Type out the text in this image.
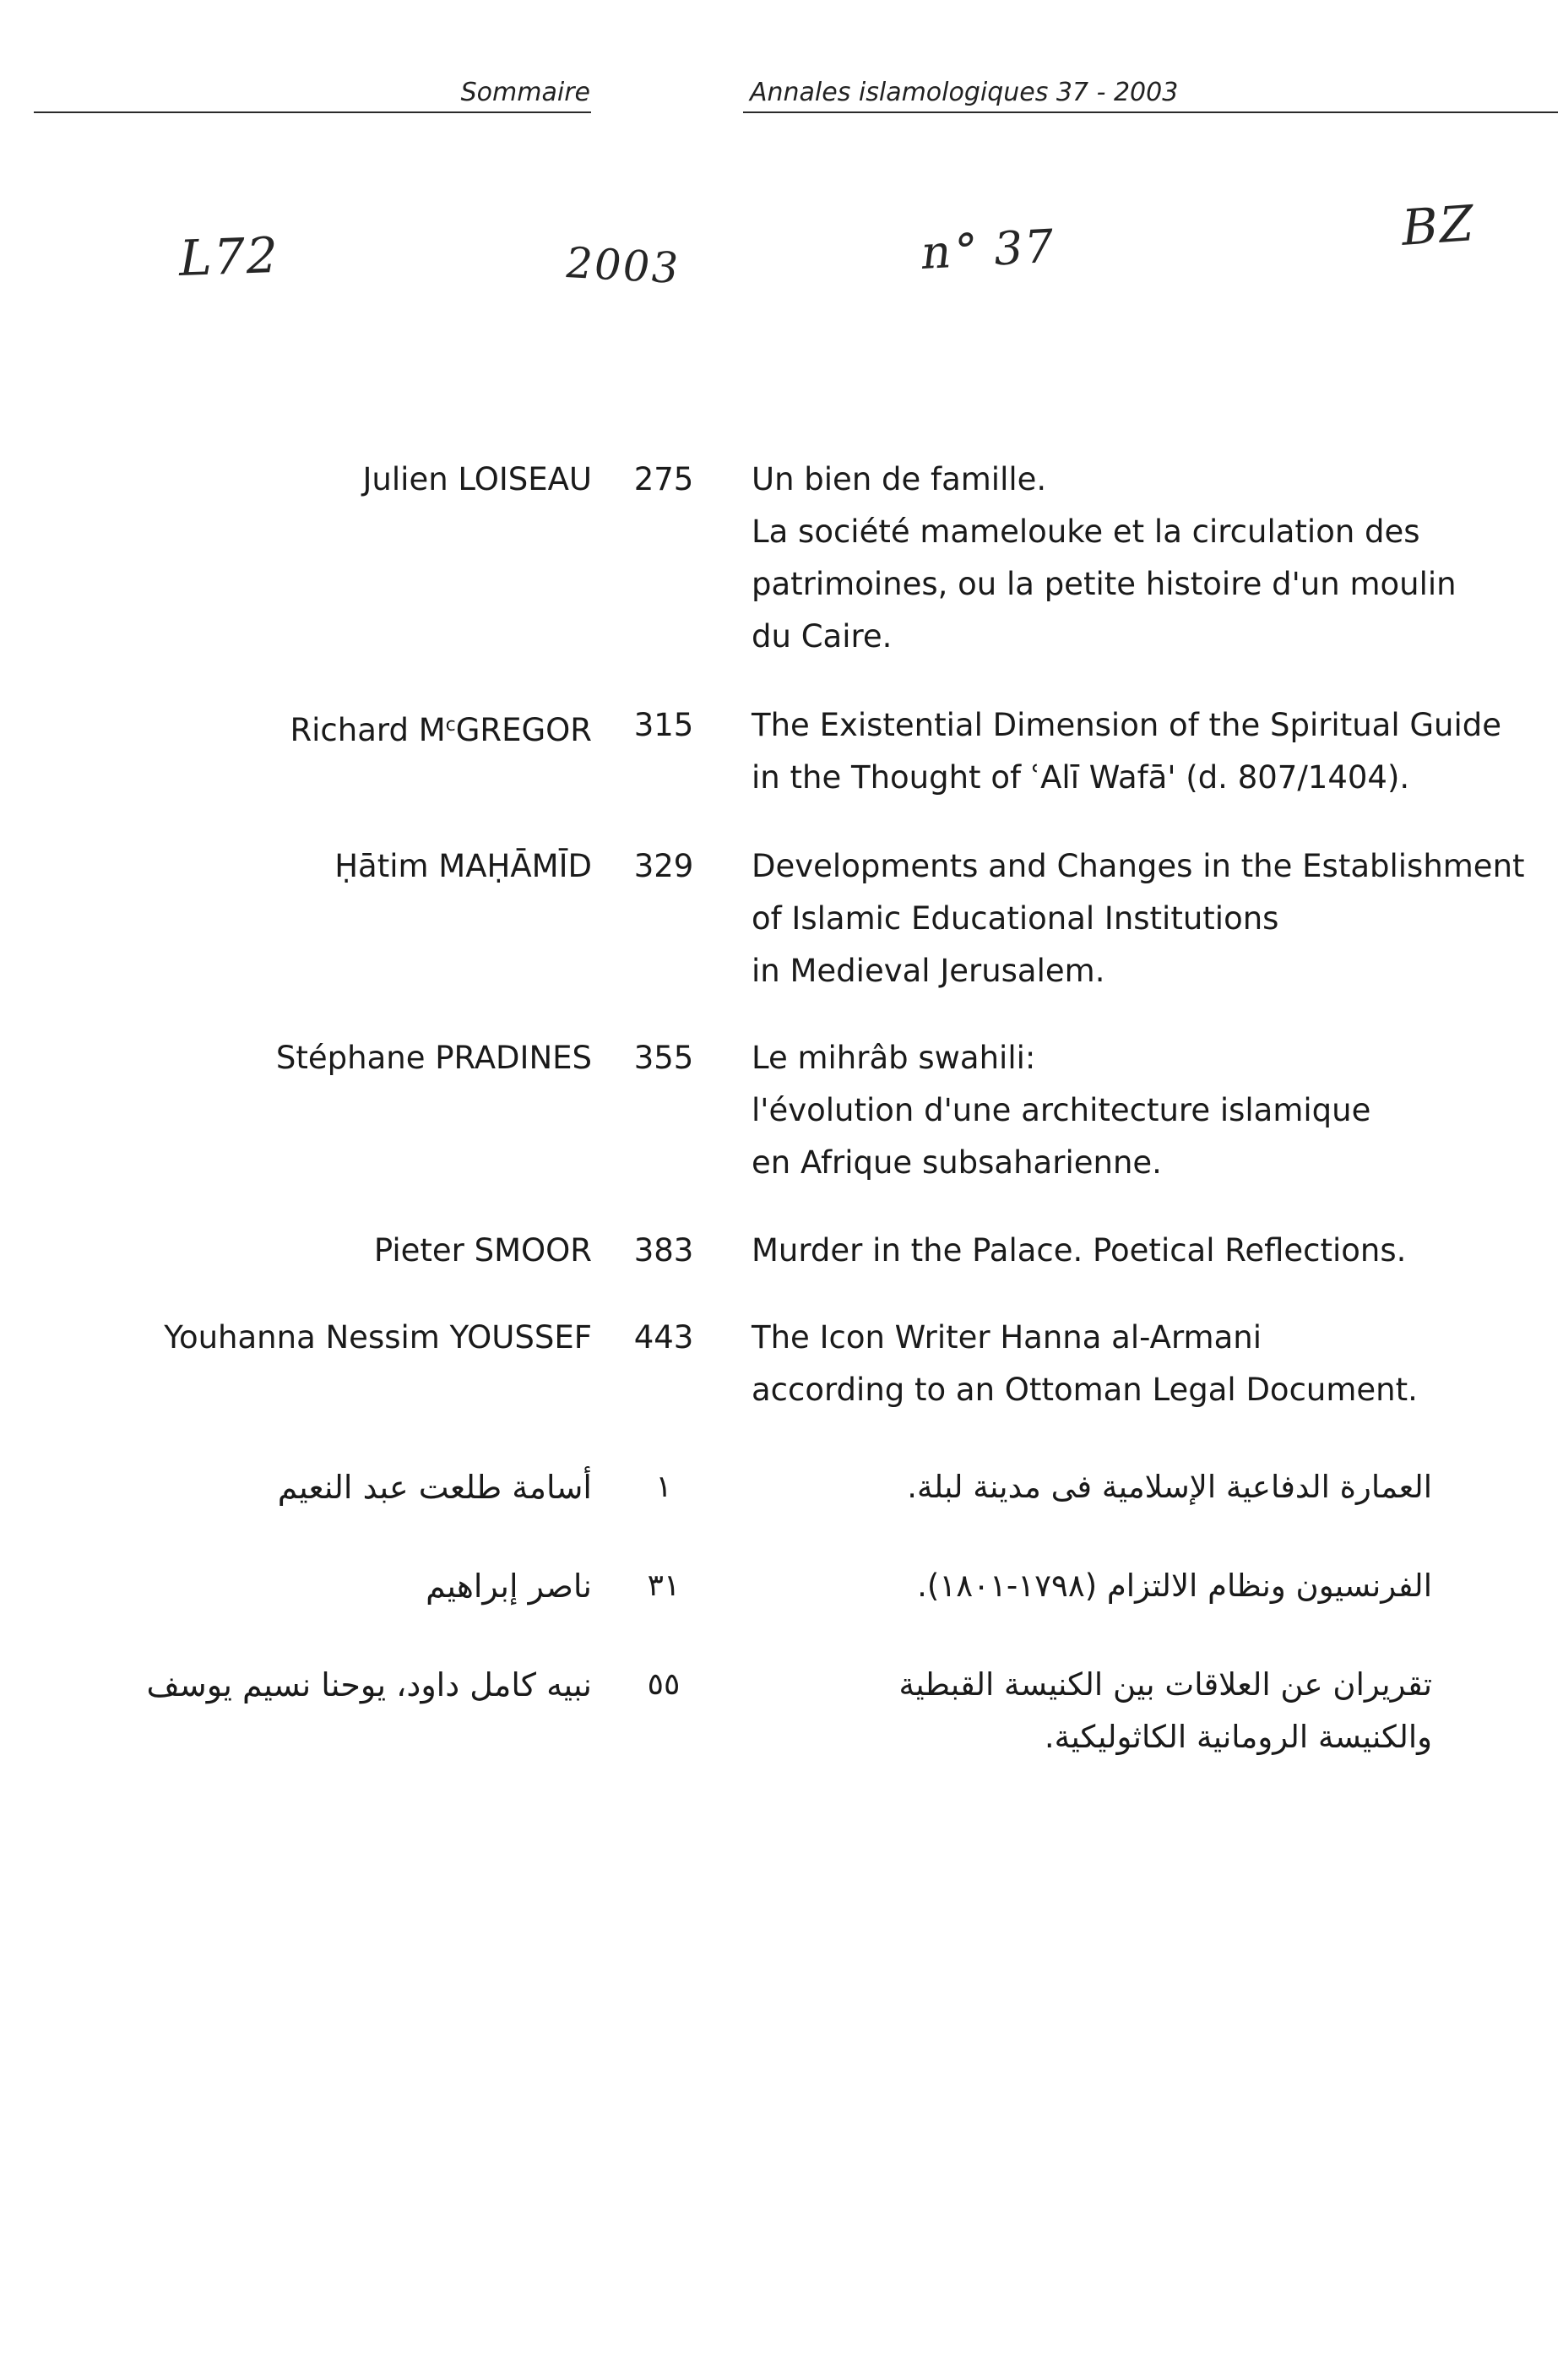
Sommaire	Annales islamologiques 37 - 2003
L72	2003	n° 37	BZ
Julien LOISEAU 275 Un bien de famille.
La société mamelouke et la circulation des
patrimoines, ou la petite histoire d'un moulin
du Caire.
Richard $M^cGREGOR$ 315 The Existential Dimension of the Spiritual Guide
in the Thought of ʿAlī Wafā' (d. 807/1404).
Ḥātim MAḤĀMĪD 329 Developments and Changes in the Establishment
of Islamic Educational Institutions
in Medieval Jerusalem.
Stéphane PRADINES 355 Le mihrâb swahili:
l'évolution d'une architecture islamique
en Afrique subsaharienne.
Pieter SMOOR 383 Murder in the Palace. Poetical Reflections.
Youhanna Nessim YOUSSEF 443 The Icon Writer Hanna al-Armani
according to an Ottoman Legal Document.
أسامة طلعت عبد النعيم	١	العمارة الدفاعية الإسلامية فى مدينة لبلة.
ناصر إبراهيم	٣١	الفرنسيون ونظام الالتزام (١٧٩٨-١٨٠١).
نبيه كامل داود، يوحنا نسيم يوسف	٥٥	تقريران عن العلاقات بين الكنيسة القبطية
والكنيسة الرومانية الكاثوليكية.
